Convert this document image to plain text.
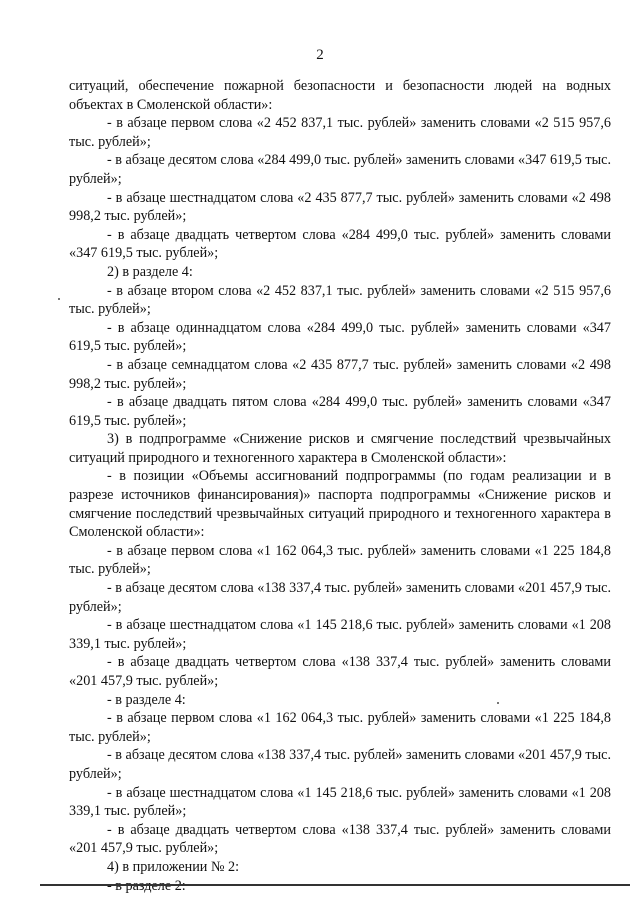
2

ситуаций, обеспечение пожарной безопасности и безопасности людей на водных объектах в Смоленской области»:

- в абзаце первом слова «2 452 837,1 тыс. рублей» заменить словами «2 515 957,6 тыс. рублей»;

- в абзаце десятом слова «284 499,0 тыс. рублей» заменить словами «347 619,5 тыс. рублей»;

- в абзаце шестнадцатом слова «2 435 877,7 тыс. рублей» заменить словами «2 498 998,2 тыс. рублей»;

- в абзаце двадцать четвертом слова «284 499,0 тыс. рублей» заменить словами «347 619,5 тыс. рублей»;

2) в разделе 4:

- в абзаце втором слова «2 452 837,1 тыс. рублей» заменить словами «2 515 957,6 тыс. рублей»;

- в абзаце одиннадцатом слова «284 499,0 тыс. рублей» заменить словами «347 619,5 тыс. рублей»;

- в абзаце семнадцатом слова «2 435 877,7 тыс. рублей» заменить словами «2 498 998,2 тыс. рублей»;

- в абзаце двадцать пятом слова «284 499,0 тыс. рублей» заменить словами «347 619,5 тыс. рублей»;

3) в подпрограмме «Снижение рисков и смягчение последствий чрезвычайных ситуаций природного и техногенного характера в Смоленской области»:

- в позиции «Объемы ассигнований подпрограммы (по годам реализации и в разрезе источников финансирования)» паспорта подпрограммы «Снижение рисков и смягчение последствий чрезвычайных ситуаций природного и техногенного характера в Смоленской области»:

- в абзаце первом слова «1 162 064,3 тыс. рублей» заменить словами «1 225 184,8 тыс. рублей»;

- в абзаце десятом слова «138 337,4 тыс. рублей» заменить словами «201 457,9 тыс. рублей»;

- в абзаце шестнадцатом слова «1 145 218,6 тыс. рублей» заменить словами «1 208 339,1 тыс. рублей»;

- в абзаце двадцать четвертом слова «138 337,4 тыс. рублей» заменить словами «201 457,9 тыс. рублей»;

- в разделе 4:

- в абзаце первом слова «1 162 064,3 тыс. рублей» заменить словами «1 225 184,8 тыс. рублей»;

- в абзаце десятом слова «138 337,4 тыс. рублей» заменить словами «201 457,9 тыс. рублей»;

- в абзаце шестнадцатом слова «1 145 218,6 тыс. рублей» заменить словами «1 208 339,1 тыс. рублей»;

- в абзаце двадцать четвертом слова «138 337,4 тыс. рублей» заменить словами «201 457,9 тыс. рублей»;

4) в приложении № 2:
